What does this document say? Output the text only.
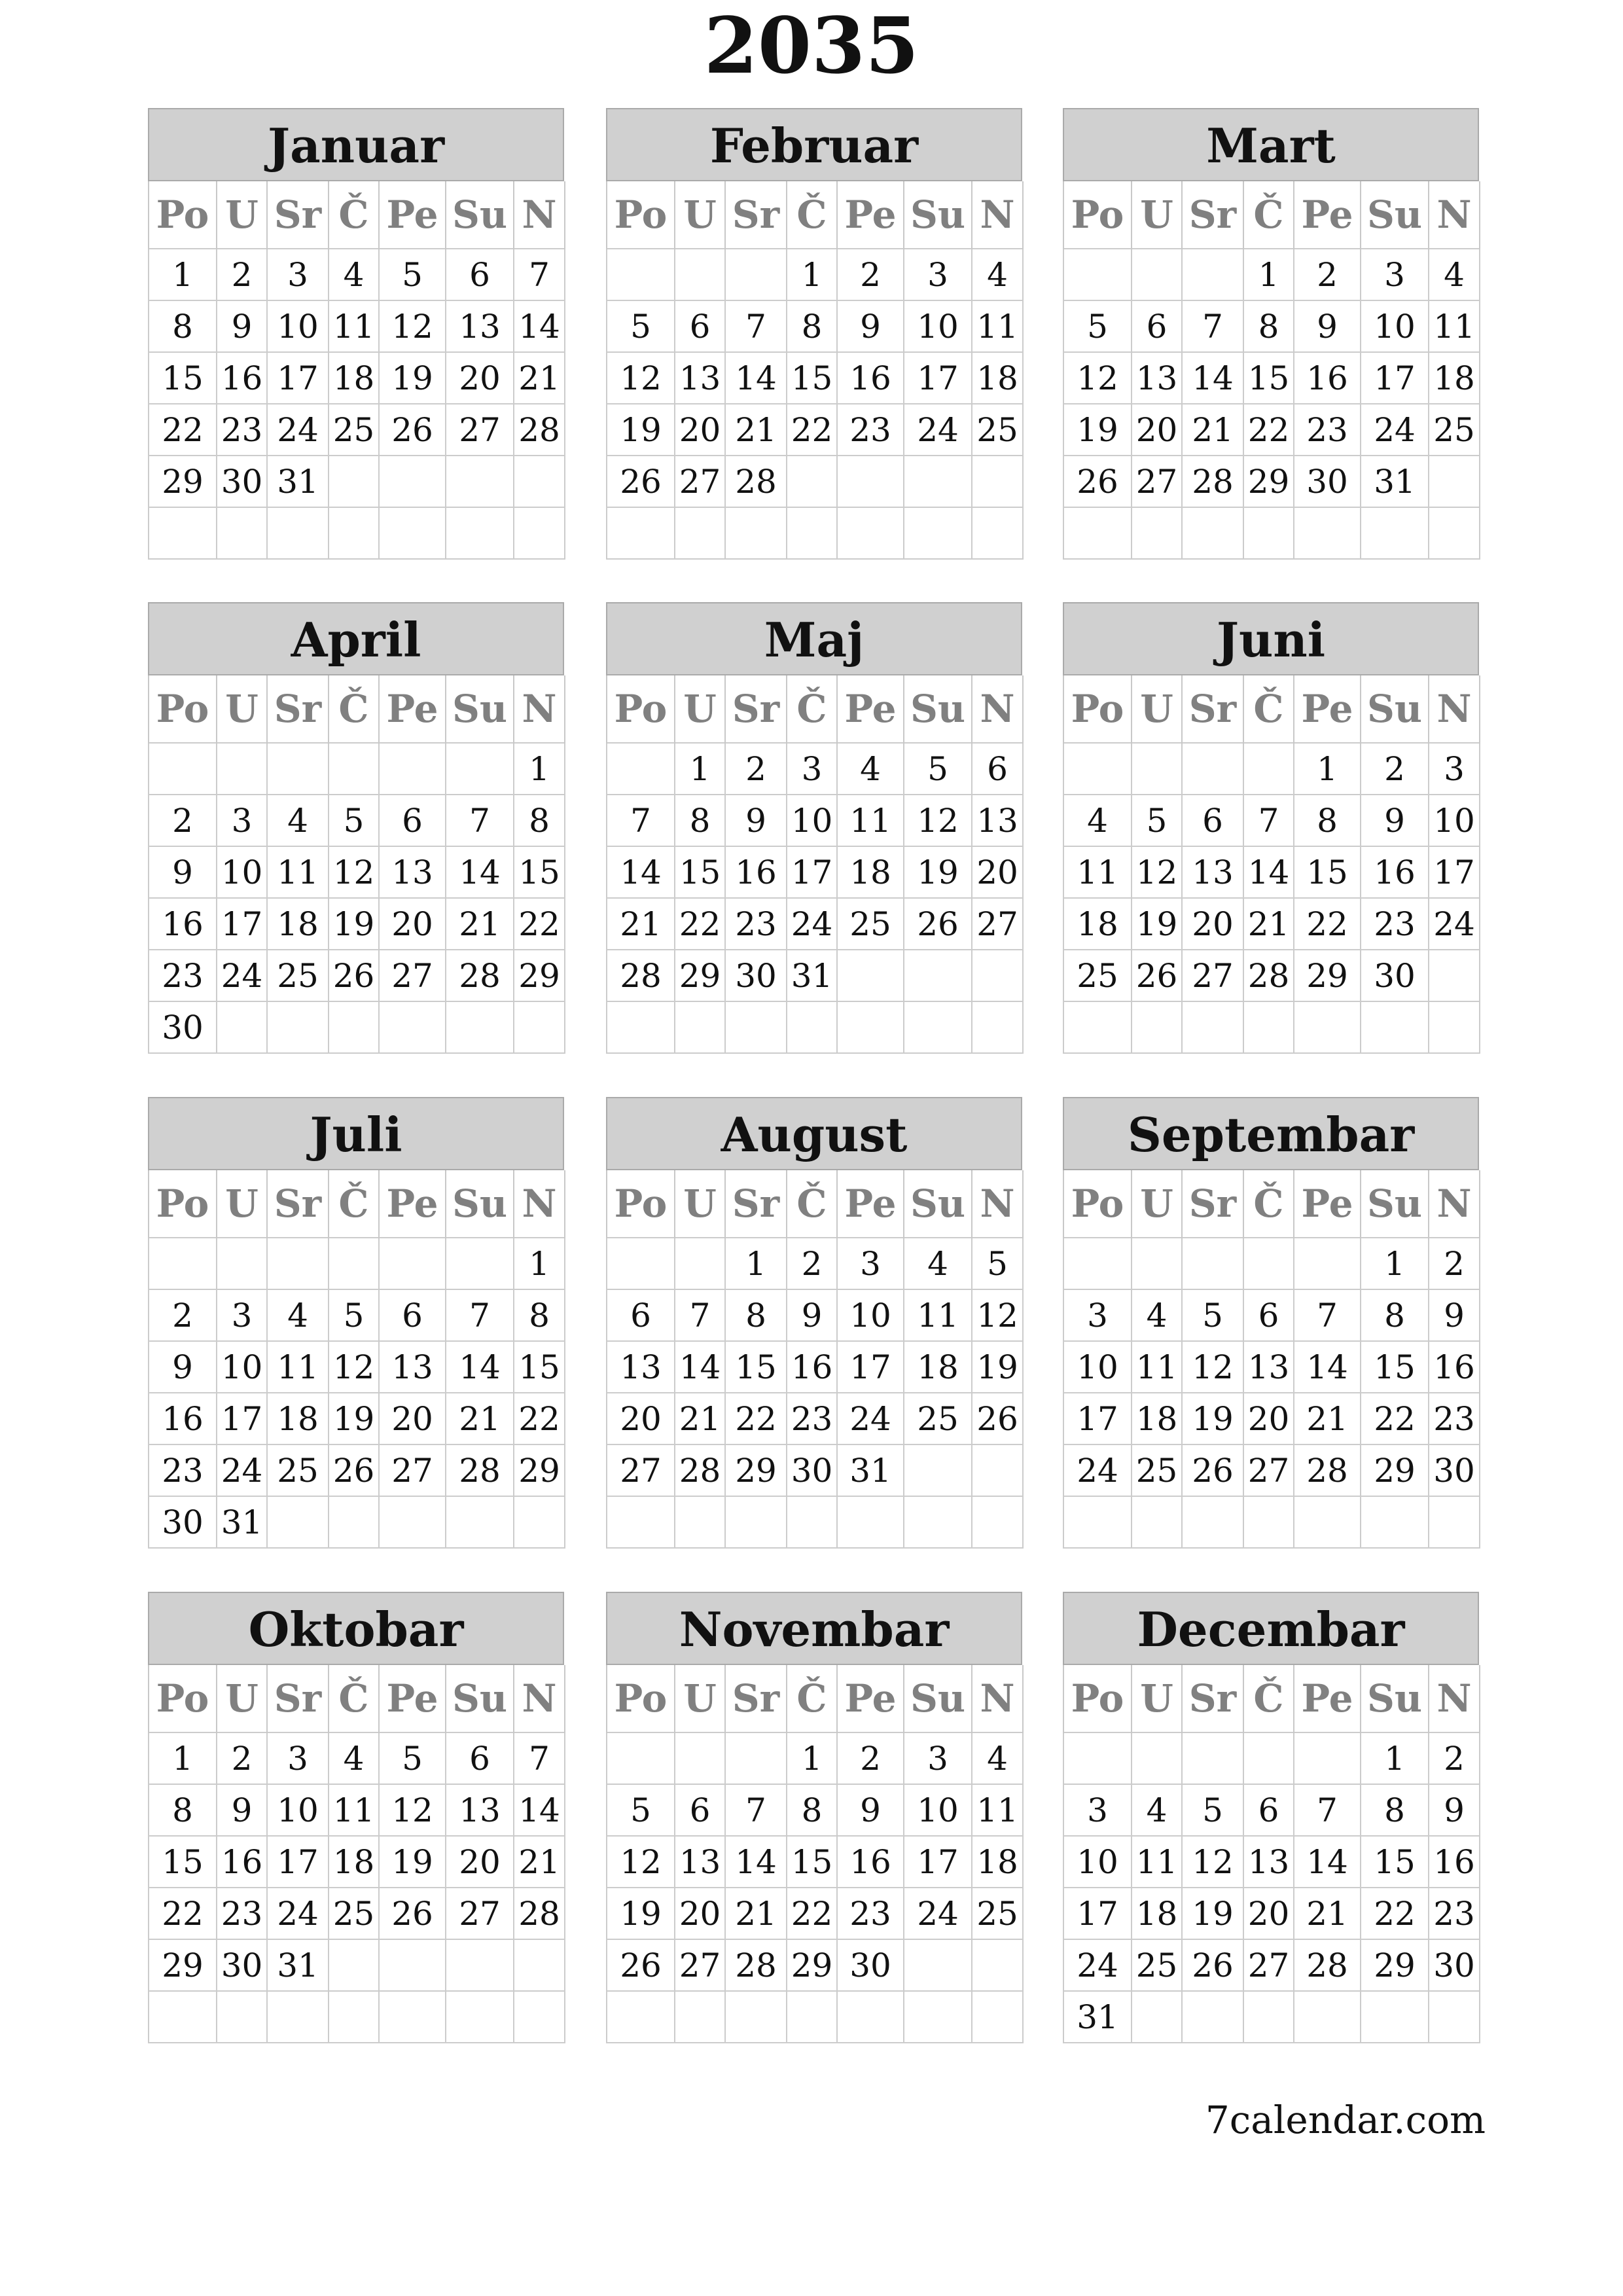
2035
Januar
Po	U	Sr	Č	Pe	Su	N
1	2	3	4	5	6	7
8	9	10	11	12	13	14
15	16	17	18	19	20	21
22	23	24	25	26	27	28
29	30	31				

Februar
Po	U	Sr	Č	Pe	Su	N
			1	2	3	4
5	6	7	8	9	10	11
12	13	14	15	16	17	18
19	20	21	22	23	24	25
26	27	28				

Mart
Po	U	Sr	Č	Pe	Su	N
			1	2	3	4
5	6	7	8	9	10	11
12	13	14	15	16	17	18
19	20	21	22	23	24	25
26	27	28	29	30	31	

April
Po	U	Sr	Č	Pe	Su	N
						1
2	3	4	5	6	7	8
9	10	11	12	13	14	15
16	17	18	19	20	21	22
23	24	25	26	27	28	29
30						
Maj
Po	U	Sr	Č	Pe	Su	N
	1	2	3	4	5	6
7	8	9	10	11	12	13
14	15	16	17	18	19	20
21	22	23	24	25	26	27
28	29	30	31			

Juni
Po	U	Sr	Č	Pe	Su	N
				1	2	3
4	5	6	7	8	9	10
11	12	13	14	15	16	17
18	19	20	21	22	23	24
25	26	27	28	29	30	

Juli
Po	U	Sr	Č	Pe	Su	N
						1
2	3	4	5	6	7	8
9	10	11	12	13	14	15
16	17	18	19	20	21	22
23	24	25	26	27	28	29
30	31					
August
Po	U	Sr	Č	Pe	Su	N
		1	2	3	4	5
6	7	8	9	10	11	12
13	14	15	16	17	18	19
20	21	22	23	24	25	26
27	28	29	30	31		

Septembar
Po	U	Sr	Č	Pe	Su	N
					1	2
3	4	5	6	7	8	9
10	11	12	13	14	15	16
17	18	19	20	21	22	23
24	25	26	27	28	29	30

Oktobar
Po	U	Sr	Č	Pe	Su	N
1	2	3	4	5	6	7
8	9	10	11	12	13	14
15	16	17	18	19	20	21
22	23	24	25	26	27	28
29	30	31				

Novembar
Po	U	Sr	Č	Pe	Su	N
			1	2	3	4
5	6	7	8	9	10	11
12	13	14	15	16	17	18
19	20	21	22	23	24	25
26	27	28	29	30		

Decembar
Po	U	Sr	Č	Pe	Su	N
					1	2
3	4	5	6	7	8	9
10	11	12	13	14	15	16
17	18	19	20	21	22	23
24	25	26	27	28	29	30
31						
7calendar.com
